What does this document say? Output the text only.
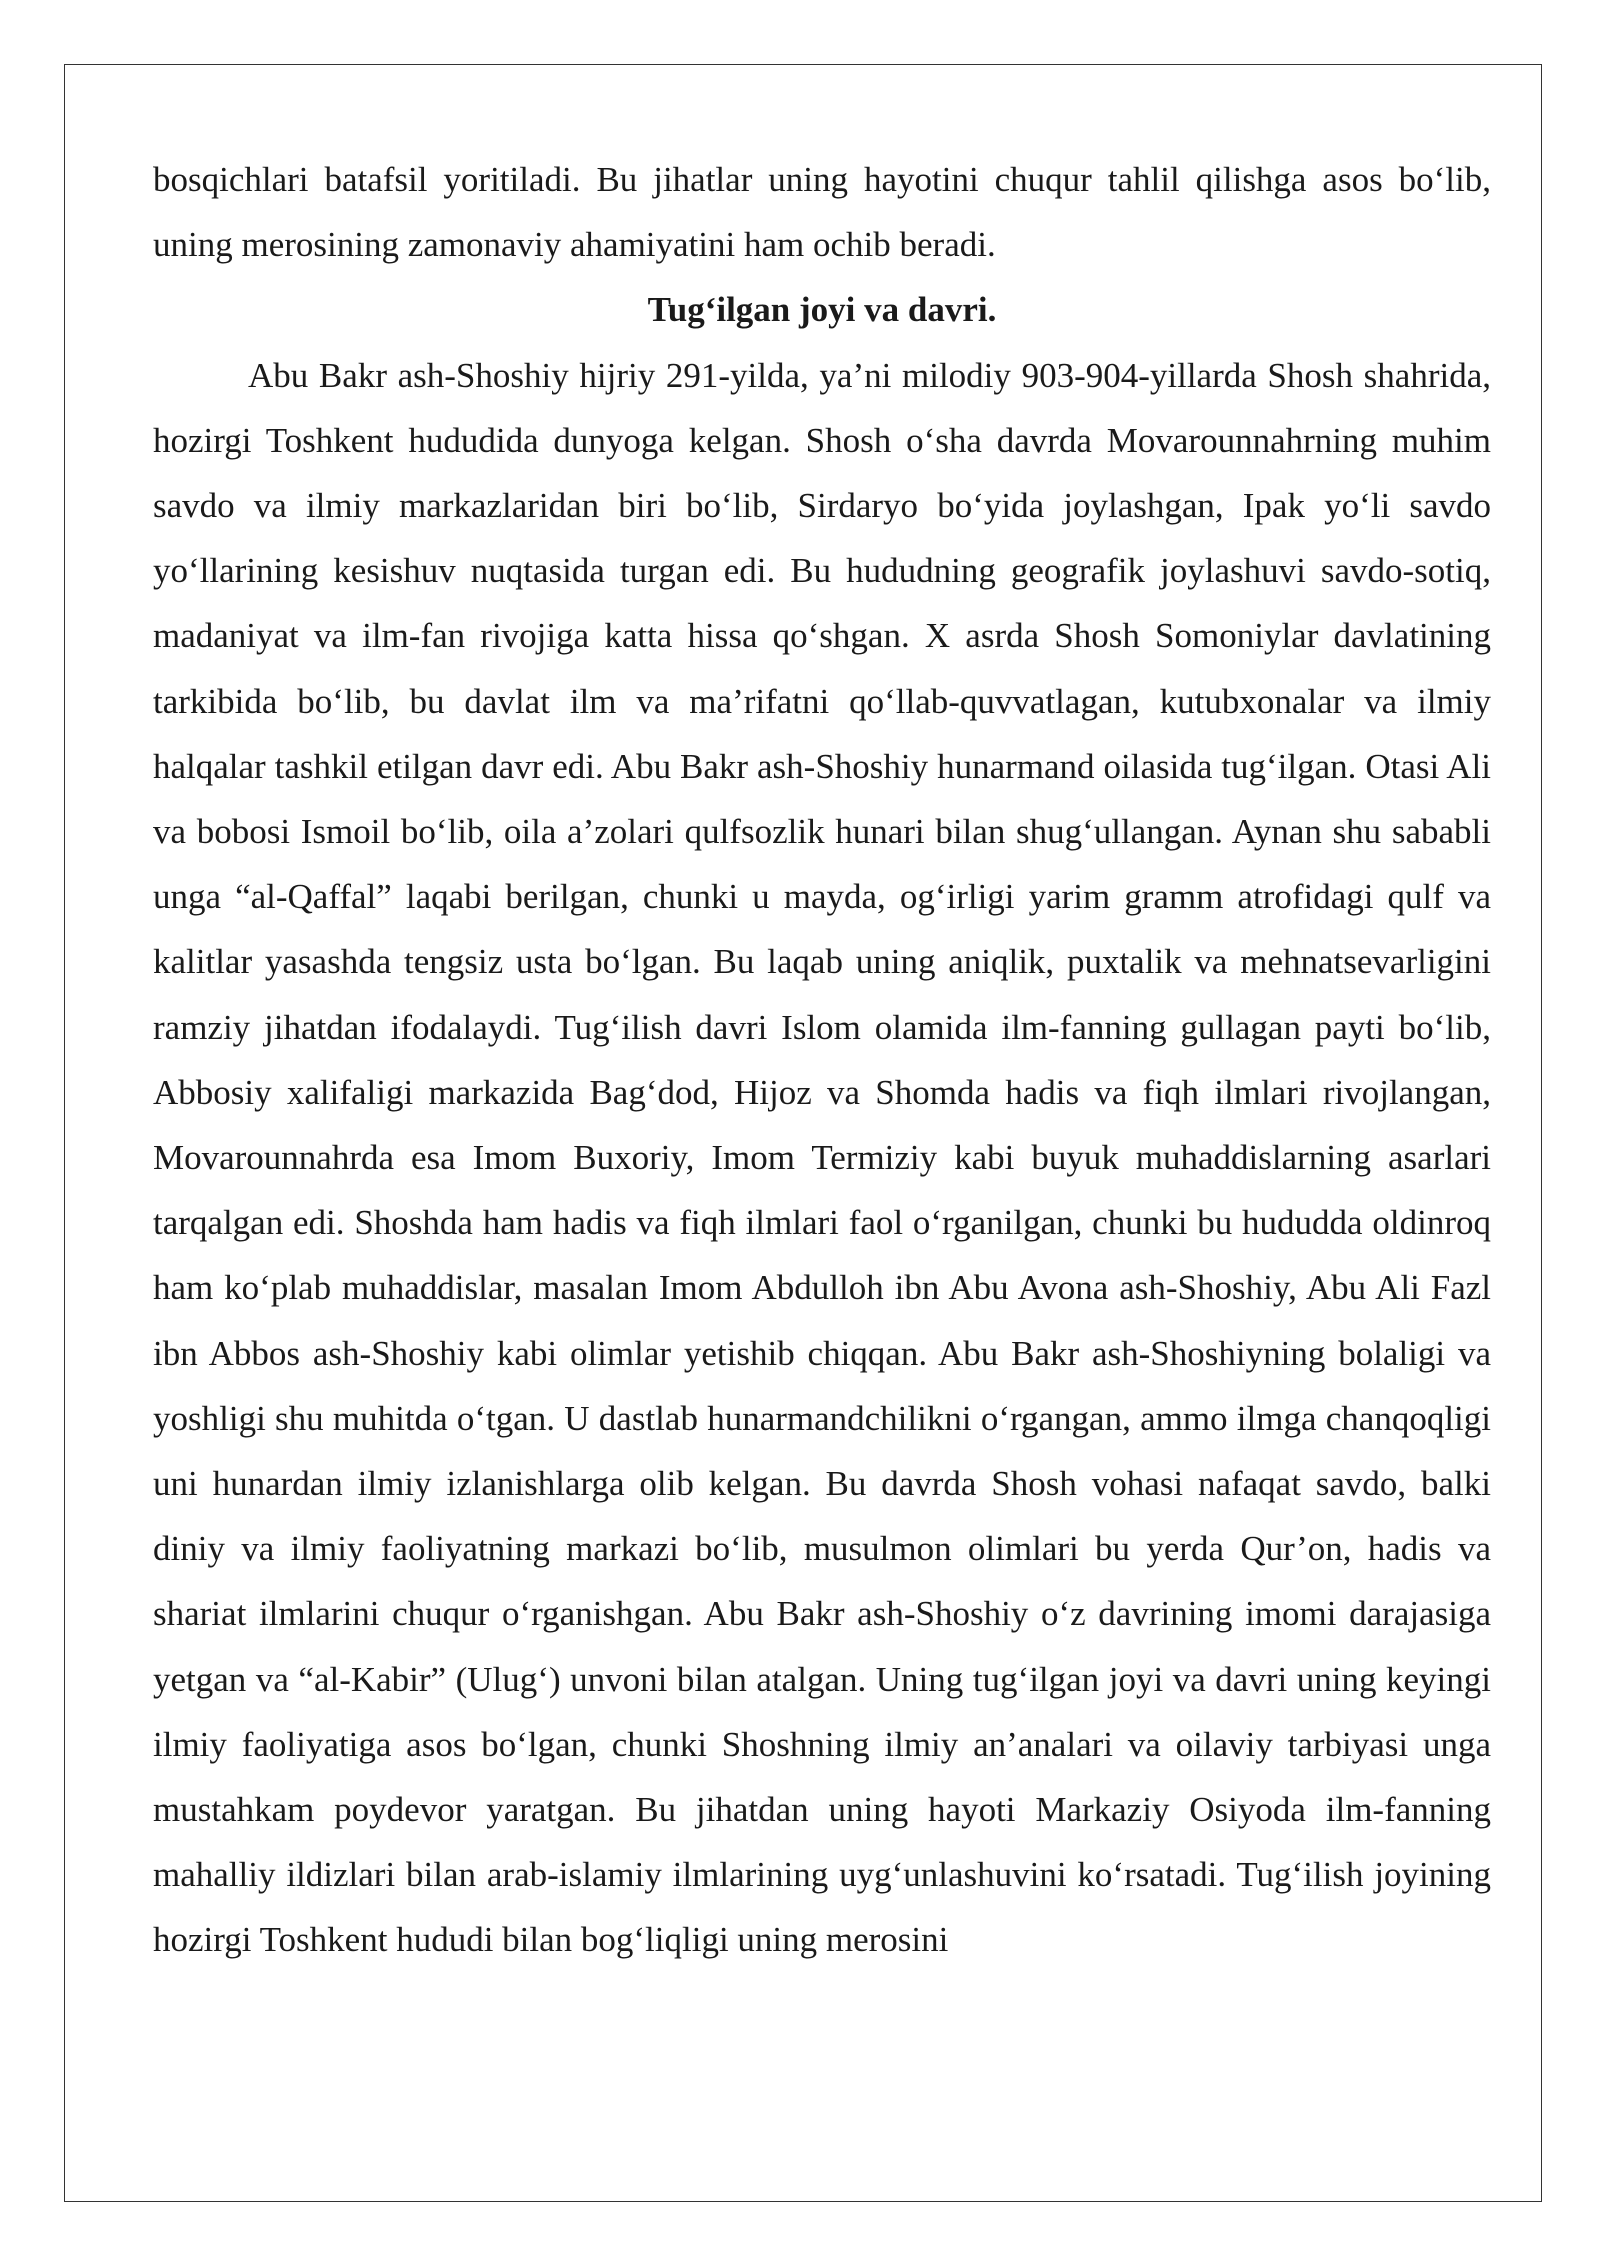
bosqichlari batafsil yoritiladi. Bu jihatlar uning hayotini chuqur tahlil qilishga asos bo‘lib, uning merosining zamonaviy ahamiyatini ham ochib beradi.

Tug‘ilgan joyi va davri.

Abu Bakr ash-Shoshiy hijriy 291-yilda, ya’ni milodiy 903-904-yillarda Shosh shahrida, hozirgi Toshkent hududida dunyoga kelgan. Shosh o‘sha davrda Movarounnahrning muhim savdo va ilmiy markazlaridan biri bo‘lib, Sirdaryo bo‘yida joylashgan, Ipak yo‘li savdo yo‘llarining kesishuv nuqtasida turgan edi. Bu hududning geografik joylashuvi savdo-sotiq, madaniyat va ilm-fan rivojiga katta hissa qo‘shgan. X asrda Shosh Somoniylar davlatining tarkibida bo‘lib, bu davlat ilm va ma’rifatni qo‘llab-quvvatlagan, kutubxonalar va ilmiy halqalar tashkil etilgan davr edi. Abu Bakr ash-Shoshiy hunarmand oilasida tug‘ilgan. Otasi Ali va bobosi Ismoil bo‘lib, oila a’zolari qulfsozlik hunari bilan shug‘ullangan. Aynan shu sababli unga “al-Qaffal” laqabi berilgan, chunki u mayda, og‘irligi yarim gramm atrofidagi qulf va kalitlar yasashda tengsiz usta bo‘lgan. Bu laqab uning aniqlik, puxtalik va mehnatsevarligini ramziy jihatdan ifodalaydi. Tug‘ilish davri Islom olamida ilm-fanning gullagan payti bo‘lib, Abbosiy xalifaligi markazida Bag‘dod, Hijoz va Shomda hadis va fiqh ilmlari rivojlangan, Movarounnahrda esa Imom Buxoriy, Imom Termiziy kabi buyuk muhaddislarning asarlari tarqalgan edi. Shoshda ham hadis va fiqh ilmlari faol o‘rganilgan, chunki bu hududda oldinroq ham ko‘plab muhaddislar, masalan Imom Abdulloh ibn Abu Avona ash-Shoshiy, Abu Ali Fazl ibn Abbos ash-Shoshiy kabi olimlar yetishib chiqqan. Abu Bakr ash-Shoshiyning bolaligi va yoshligi shu muhitda o‘tgan. U dastlab hunarmandchilikni o‘rgangan, ammo ilmga chanqoqligi uni hunardan ilmiy izlanishlarga olib kelgan. Bu davrda Shosh vohasi nafaqat savdo, balki diniy va ilmiy faoliyatning markazi bo‘lib, musulmon olimlari bu yerda Qur’on, hadis va shariat ilmlarini chuqur o‘rganishgan. Abu Bakr ash-Shoshiy o‘z davrining imomi darajasiga yetgan va “al-Kabir” (Ulug‘) unvoni bilan atalgan. Uning tug‘ilgan joyi va davri uning keyingi ilmiy faoliyatiga asos bo‘lgan, chunki Shoshning ilmiy an’analari va oilaviy tarbiyasi unga mustahkam poydevor yaratgan. Bu jihatdan uning hayoti Markaziy Osiyoda ilm-fanning mahalliy ildizlari bilan arab-islamiy ilmlarining uyg‘unlashuvini ko‘rsatadi. Tug‘ilish joyining hozirgi Toshkent hududi bilan bog‘liqligi uning merosini
